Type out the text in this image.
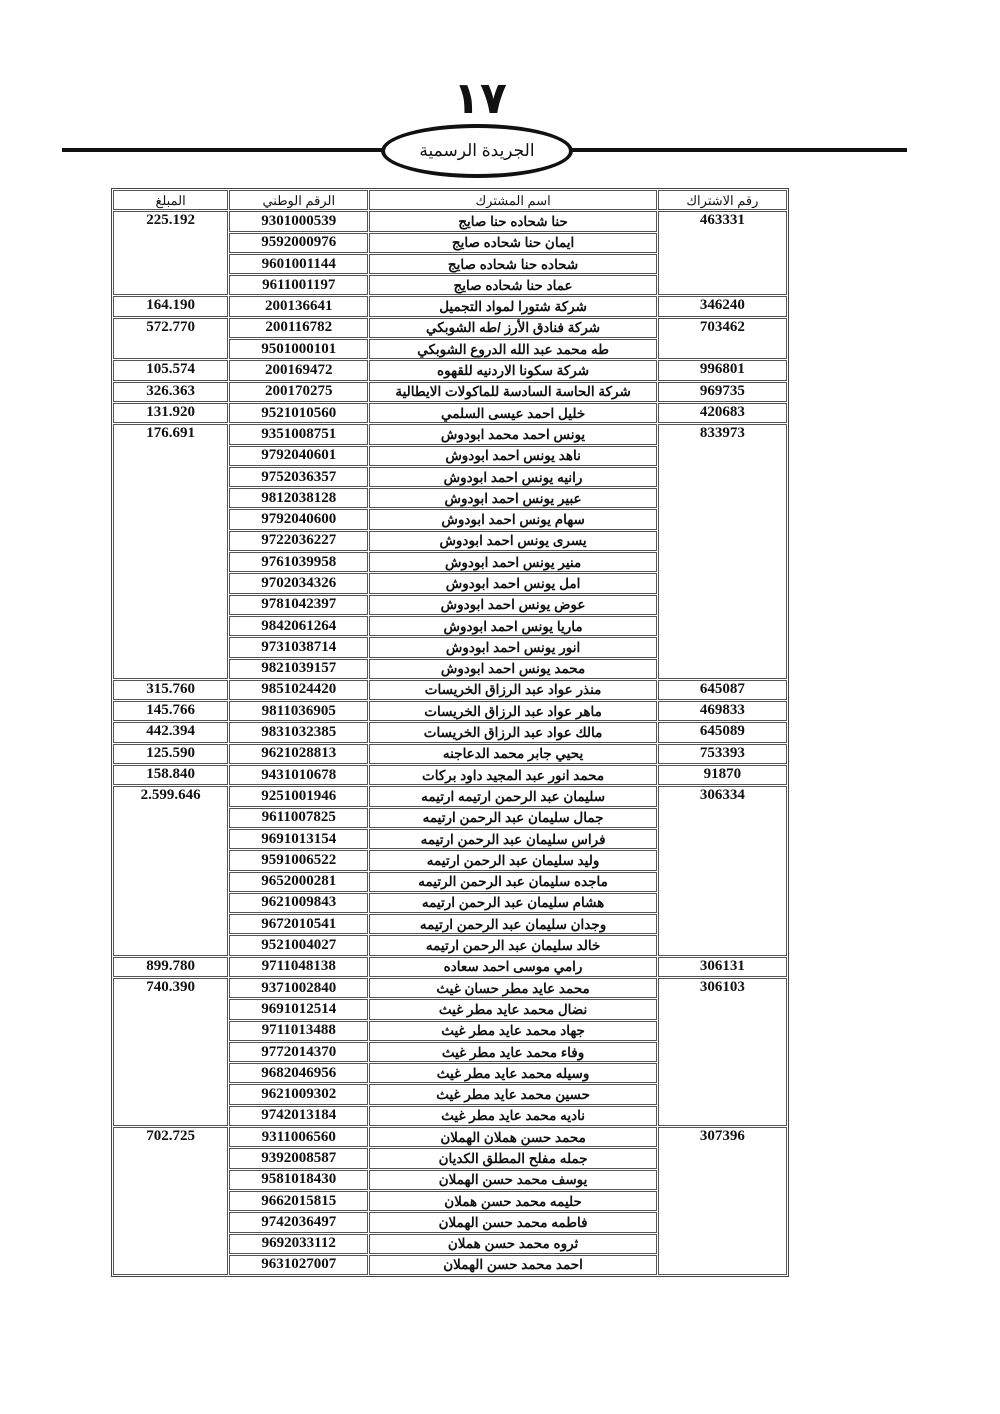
١٧
الجريدة الرسمية
المبلغ	الرقم الوطني	اسم المشترك	رقم الاشتراك
225.192	9301000539	حنا شحاده حنا صايج	463331
	9592000976	ايمان حنا شحاده صايج	
	9601001144	شحاده حنا شحاده صايج	
	9611001197	عماد حنا شحاده صايج	
164.190	200136641	شركة شتورا لمواد التجميل	346240
572.770	200116782	شركة فنادق الأرز /طه الشوبكي	703462
	9501000101	طه محمد عبد الله الدروع الشوبكي	
105.574	200169472	شركة سكونا الاردنيه للقهوه	996801
326.363	200170275	شركة الحاسة السادسة للماكولات الايطالية	969735
131.920	9521010560	خليل احمد عيسى السلمي	420683
176.691	9351008751	يونس احمد محمد ابودوش	833973
	9792040601	ناهد يونس احمد ابودوش	
	9752036357	رانيه يونس احمد ابودوش	
	9812038128	عبير يونس احمد ابودوش	
	9792040600	سهام يونس احمد ابودوش	
	9722036227	يسرى يونس احمد ابودوش	
	9761039958	منير يونس احمد ابودوش	
	9702034326	امل يونس احمد ابودوش	
	9781042397	عوض يونس احمد ابودوش	
	9842061264	ماريا يونس احمد ابودوش	
	9731038714	انور يونس احمد ابودوش	
	9821039157	محمد يونس احمد ابودوش	
315.760	9851024420	منذر عواد عبد الرزاق الخريسات	645087
145.766	9811036905	ماهر عواد عبد الرزاق الخريسات	469833
442.394	9831032385	مالك عواد عبد الرزاق الخريسات	645089
125.590	9621028813	يحيي جابر محمد الدعاجنه	753393
158.840	9431010678	محمد انور عبد المجيد داود بركات	91870
2.599.646	9251001946	سليمان عبد الرحمن ارتيمه ارتيمه	306334
	9611007825	جمال سليمان عبد الرحمن ارتيمه	
	9691013154	فراس سليمان عبد الرحمن ارتيمه	
	9591006522	وليد سليمان عبد الرحمن ارتيمه	
	9652000281	ماجده سليمان عبد الرحمن الرتيمه	
	9621009843	هشام سليمان عبد الرحمن ارتيمه	
	9672010541	وجدان سليمان عبد الرحمن ارتيمه	
	9521004027	خالد سليمان عبد الرحمن ارتيمه	
899.780	9711048138	رامي موسى احمد سعاده	306131
740.390	9371002840	محمد عايد مطر حسان غيث	306103
	9691012514	نضال محمد عايد مطر غيث	
	9711013488	جهاد محمد عايد مطر غيث	
	9772014370	وفاء محمد عايد مطر غيث	
	9682046956	وسيله محمد عايد مطر غيث	
	9621009302	حسين محمد عايد مطر غيث	
	9742013184	ناديه محمد عايد مطر غيث	
702.725	9311006560	محمد حسن هملان الهملان	307396
	9392008587	جمله مفلح المطلق الكديان	
	9581018430	يوسف محمد حسن الهملان	
	9662015815	حليمه محمد حسن هملان	
	9742036497	فاطمه محمد حسن الهملان	
	9692033112	ثروه محمد حسن هملان	
	9631027007	احمد محمد حسن الهملان	
